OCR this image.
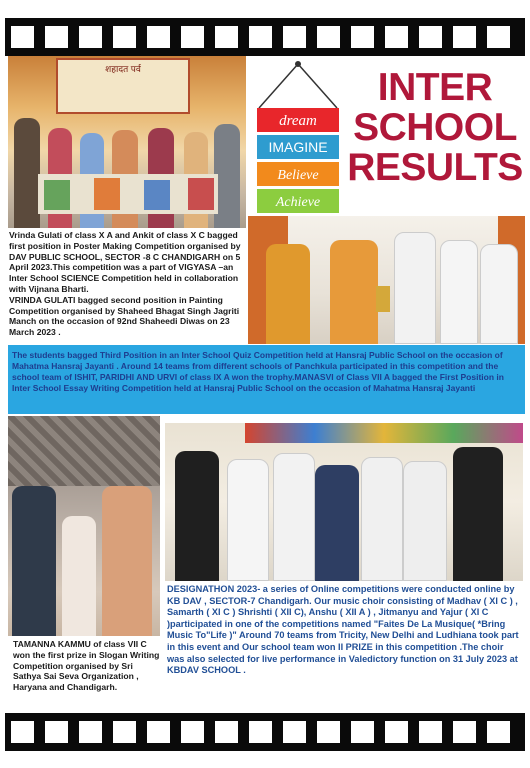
शहादत पर्व
dream
IMAGINE
Believe
Achieve
INTER
SCHOOL
RESULTS
Vrinda Gulati of class X A and Ankit of class X C bagged first position in Poster Making Competition organised by DAV PUBLIC SCHOOL, SECTOR -8 C CHANDIGARH on 5 April 2023.This competition was a part of VIGYASA –an Inter School SCIENCE Competition held in collaboration with Vijnana Bharti.
VRINDA GULATI bagged second position in Painting Competition organised by Shaheed Bhagat Singh Jagriti Manch on the occasion of 92nd Shaheedi Diwas on 23 March 2023 .

The students bagged Third Position in an Inter School Quiz Competition held at Hansraj Public School on the occasion of Mahatma Hansraj Jayanti . Around 14 teams from different schools of Panchkula participated in this competition and the school team of ISHIT, PARIDHI AND URVI of class IX A won the trophy.MANASVI of Class VII A bagged the First Position in Inter School Essay Writing Competition held at Hansraj Public School on the occasion of Mahatma Hansraj Jayanti

TAMANNA KAMMU of class VII C won the first prize in Slogan Writing Competition organised by Sri Sathya Sai Seva Organization , Haryana and Chandigarh.
DESIGNATHON 2023- a series of Online competitions were conducted online by KB DAV , SECTOR-7 Chandigarh. Our music choir consisting of Madhav ( XI C ) , Samarth ( XI C ) Shrishti ( XII C), Anshu ( XII A ) , Jitmanyu and Yajur ( XI C )participated in one of the competitions named "Faites De La Musique( *Bring Music To"Life )" Around 70 teams from Tricity, New Delhi and Ludhiana took part in this event and Our school team won II PRIZE in this competition .The choir was also selected for live performance in Valedictory function on 31 July 2023 at KBDAV SCHOOL .
